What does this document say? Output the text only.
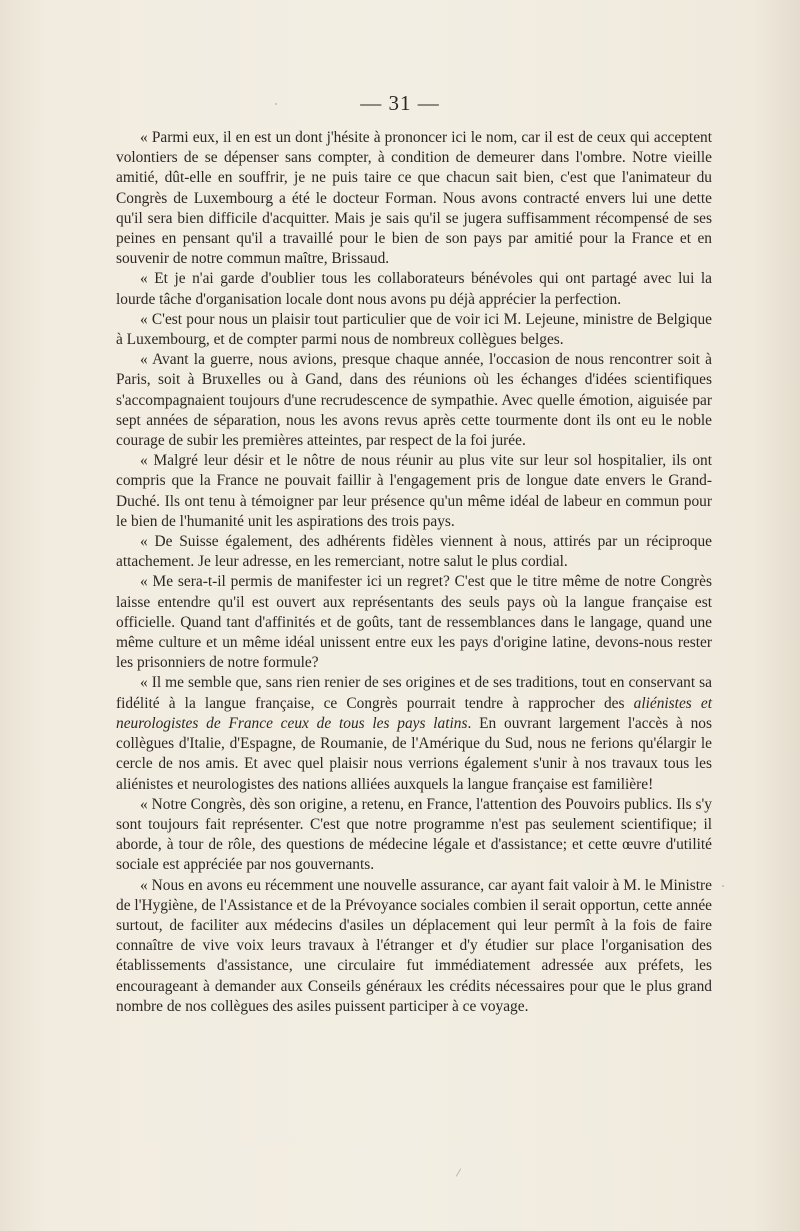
— 31 —

« Parmi eux, il en est un dont j'hésite à prononcer ici le nom, car il est de ceux qui acceptent volontiers de se dépenser sans compter, à condition de demeurer dans l'ombre. Notre vieille amitié, dût-elle en souffrir, je ne puis taire ce que chacun sait bien, c'est que l'animateur du Congrès de Luxembourg a été le docteur Forman. Nous avons contracté envers lui une dette qu'il sera bien difficile d'acquitter. Mais je sais qu'il se jugera suffisamment récompensé de ses peines en pensant qu'il a travaillé pour le bien de son pays par amitié pour la France et en souvenir de notre commun maître, Brissaud.

« Et je n'ai garde d'oublier tous les collaborateurs bénévoles qui ont partagé avec lui la lourde tâche d'organisation locale dont nous avons pu déjà apprécier la perfection.

« C'est pour nous un plaisir tout particulier que de voir ici M. Lejeune, ministre de Belgique à Luxembourg, et de compter parmi nous de nombreux collègues belges.

« Avant la guerre, nous avions, presque chaque année, l'occasion de nous rencontrer soit à Paris, soit à Bruxelles ou à Gand, dans des réunions où les échanges d'idées scientifiques s'accompagnaient toujours d'une recrudescence de sympathie. Avec quelle émotion, aiguisée par sept années de séparation, nous les avons revus après cette tourmente dont ils ont eu le noble courage de subir les premières atteintes, par respect de la foi jurée.

« Malgré leur désir et le nôtre de nous réunir au plus vite sur leur sol hospitalier, ils ont compris que la France ne pouvait faillir à l'engagement pris de longue date envers le Grand-Duché. Ils ont tenu à témoigner par leur présence qu'un même idéal de labeur en commun pour le bien de l'humanité unit les aspirations des trois pays.

« De Suisse également, des adhérents fidèles viennent à nous, attirés par un réciproque attachement. Je leur adresse, en les remerciant, notre salut le plus cordial.

« Me sera-t-il permis de manifester ici un regret? C'est que le titre même de notre Congrès laisse entendre qu'il est ouvert aux représentants des seuls pays où la langue française est officielle. Quand tant d'affinités et de goûts, tant de ressemblances dans le langage, quand une même culture et un même idéal unissent entre eux les pays d'origine latine, devons-nous rester les prisonniers de notre formule?

« Il me semble que, sans rien renier de ses origines et de ses traditions, tout en conservant sa fidélité à la langue française, ce Congrès pourrait tendre à rapprocher des aliénistes et neurologistes de France ceux de tous les pays latins. En ouvrant largement l'accès à nos collègues d'Italie, d'Espagne, de Roumanie, de l'Amérique du Sud, nous ne ferions qu'élargir le cercle de nos amis. Et avec quel plaisir nous verrions également s'unir à nos travaux tous les aliénistes et neurologistes des nations alliées auxquels la langue française est familière!

« Notre Congrès, dès son origine, a retenu, en France, l'attention des Pouvoirs publics. Ils s'y sont toujours fait représenter. C'est que notre programme n'est pas seulement scientifique; il aborde, à tour de rôle, des questions de médecine légale et d'assistance; et cette œuvre d'utilité sociale est appréciée par nos gouvernants.

« Nous en avons eu récemment une nouvelle assurance, car ayant fait valoir à M. le Ministre de l'Hygiène, de l'Assistance et de la Prévoyance sociales combien il serait opportun, cette année surtout, de faciliter aux médecins d'asiles un déplacement qui leur permît à la fois de faire connaître de vive voix leurs travaux à l'étranger et d'y étudier sur place l'organisation des établissements d'assistance, une circulaire fut immédiatement adressée aux préfets, les encourageant à demander aux Conseils généraux les crédits nécessaires pour que le plus grand nombre de nos collègues des asiles puissent participer à ce voyage.
